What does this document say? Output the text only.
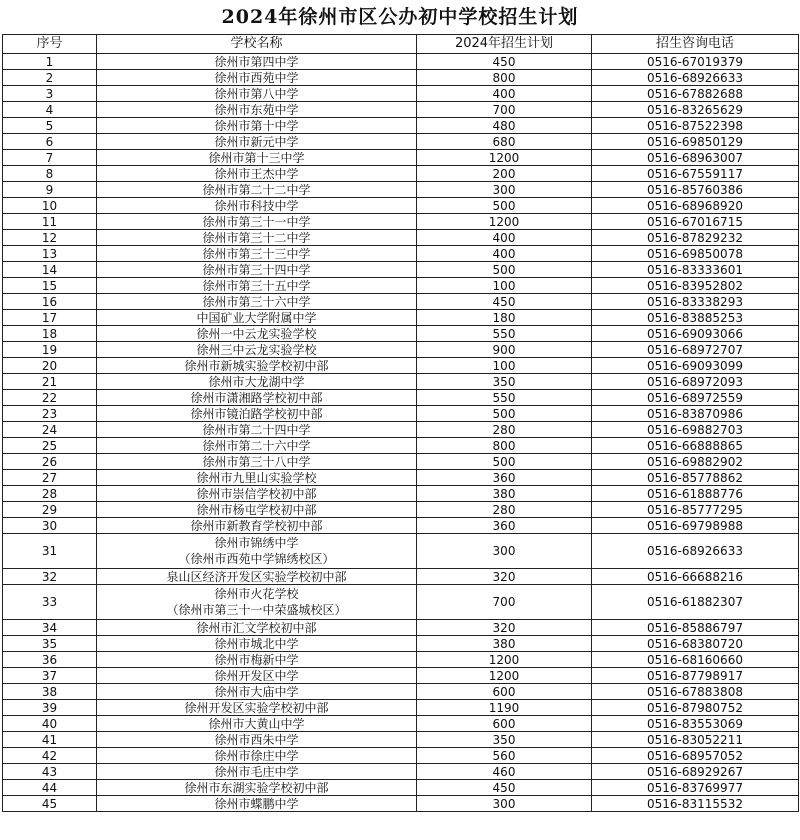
2024年徐州市区公办初中学校招生计划
序号	学校名称	2024年招生计划	招生咨询电话
1	徐州市第四中学	450	0516-67019379
2	徐州市西苑中学	800	0516-68926633
3	徐州市第八中学	400	0516-67882688
4	徐州市东苑中学	700	0516-83265629
5	徐州市第十中学	480	0516-87522398
6	徐州市新元中学	680	0516-69850129
7	徐州市第十三中学	1200	0516-68963007
8	徐州市王杰中学	200	0516-67559117
9	徐州市第二十二中学	300	0516-85760386
10	徐州市科技中学	500	0516-68968920
11	徐州市第三十一中学	1200	0516-67016715
12	徐州市第三十二中学	400	0516-87829232
13	徐州市第三十三中学	400	0516-69850078
14	徐州市第三十四中学	500	0516-83333601
15	徐州市第三十五中学	100	0516-83952802
16	徐州市第三十六中学	450	0516-83338293
17	中国矿业大学附属中学	180	0516-83885253
18	徐州一中云龙实验学校	550	0516-69093066
19	徐州三中云龙实验学校	900	0516-68972707
20	徐州市新城实验学校初中部	100	0516-69093099
21	徐州市大龙湖中学	350	0516-68972093
22	徐州市潇湘路学校初中部	550	0516-68972559
23	徐州市镜泊路学校初中部	500	0516-83870986
24	徐州市第二十四中学	280	0516-69882703
25	徐州市第二十六中学	800	0516-66888865
26	徐州市第三十八中学	500	0516-69882902
27	徐州市九里山实验学校	360	0516-85778862
28	徐州市崇信学校初中部	380	0516-61888776
29	徐州市杨屯学校初中部	280	0516-85777295
30	徐州市新教育学校初中部	360	0516-69798988
31	徐州市锦绣中学
（徐州市西苑中学锦绣校区）	300	0516-68926633
32	泉山区经济开发区实验学校初中部	320	0516-66688216
33	徐州市火花学校
（徐州市第三十一中荣盛城校区）	700	0516-61882307
34	徐州市汇文学校初中部	320	0516-85886797
35	徐州市城北中学	380	0516-68380720
36	徐州市梅新中学	1200	0516-68160660
37	徐州开发区中学	1200	0516-87798917
38	徐州市大庙中学	600	0516-67883808
39	徐州开发区实验学校初中部	1190	0516-87980752
40	徐州市大黄山中学	600	0516-83553069
41	徐州市西朱中学	350	0516-83052211
42	徐州市徐庄中学	560	0516-68957052
43	徐州市毛庄中学	460	0516-68929267
44	徐州市东湖实验学校初中部	450	0516-83769977
45	徐州市蝶鹏中学	300	0516-83115532
